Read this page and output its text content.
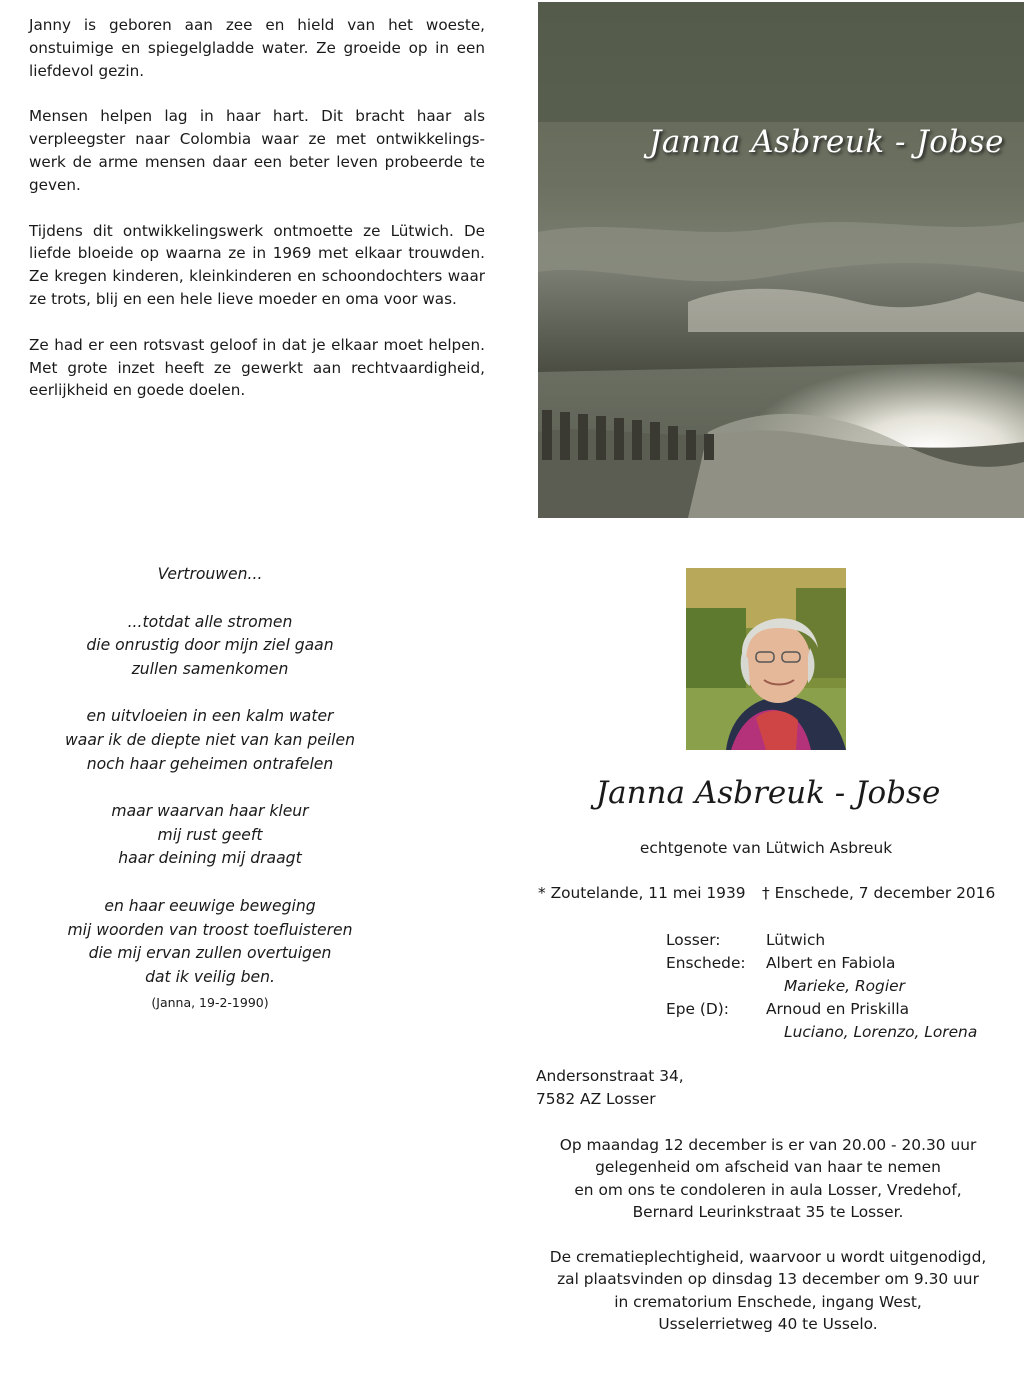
Janny is geboren aan zee en hield van het woeste, onstuimige en spiegelgladde water. Ze groeide op in een liefdevol gezin.

Mensen helpen lag in haar hart. Dit bracht haar als verpleegster naar Colombia waar ze met ontwikkelings-werk de arme mensen daar een beter leven probeerde te geven.

Tijdens dit ontwikkelingswerk ontmoette ze Lütwich. De liefde bloeide op waarna ze in 1969 met elkaar trouwden. Ze kregen kinderen, kleinkinderen en schoondochters waar ze trots, blij en een hele lieve moeder en oma voor was.

Ze had er een rotsvast geloof in dat je elkaar moet helpen. Met grote inzet heeft ze gewerkt aan rechtvaardigheid, eerlijkheid en goede doelen.

Janna Asbreuk - Jobse
Vertrouwen...
...totdat alle stromen
die onrustig door mijn ziel gaan
zullen samenkomen
en uitvloeien in een kalm water
waar ik de diepte niet van kan peilen
noch haar geheimen ontrafelen
maar waarvan haar kleur
mij rust geeft
haar deining mij draagt
en haar eeuwige beweging
mij woorden van troost toefluisteren
die mij ervan zullen overtuigen
dat ik veilig ben.
(Janna, 19-2-1990)
Janna Asbreuk - Jobse
echtgenote van Lütwich Asbreuk
* Zoutelande, 11 mei 1939 † Enschede, 7 december 2016
Losser:	Lütwich
Enschede: Albert en Fabiola
Marieke, Rogier
Epe (D): Arnoud en Priskilla
Luciano, Lorenzo, Lorena
Andersonstraat 34,
7582 AZ Losser
Op maandag 12 december is er van 20.00 - 20.30 uur
gelegenheid om afscheid van haar te nemen
en om ons te condoleren in aula Losser, Vredehof,
Bernard Leurinkstraat 35 te Losser.
De crematieplechtigheid, waarvoor u wordt uitgenodigd,
zal plaatsvinden op dinsdag 13 december om 9.30 uur
in crematorium Enschede, ingang West,
Usselerrietweg 40 te Usselo.
